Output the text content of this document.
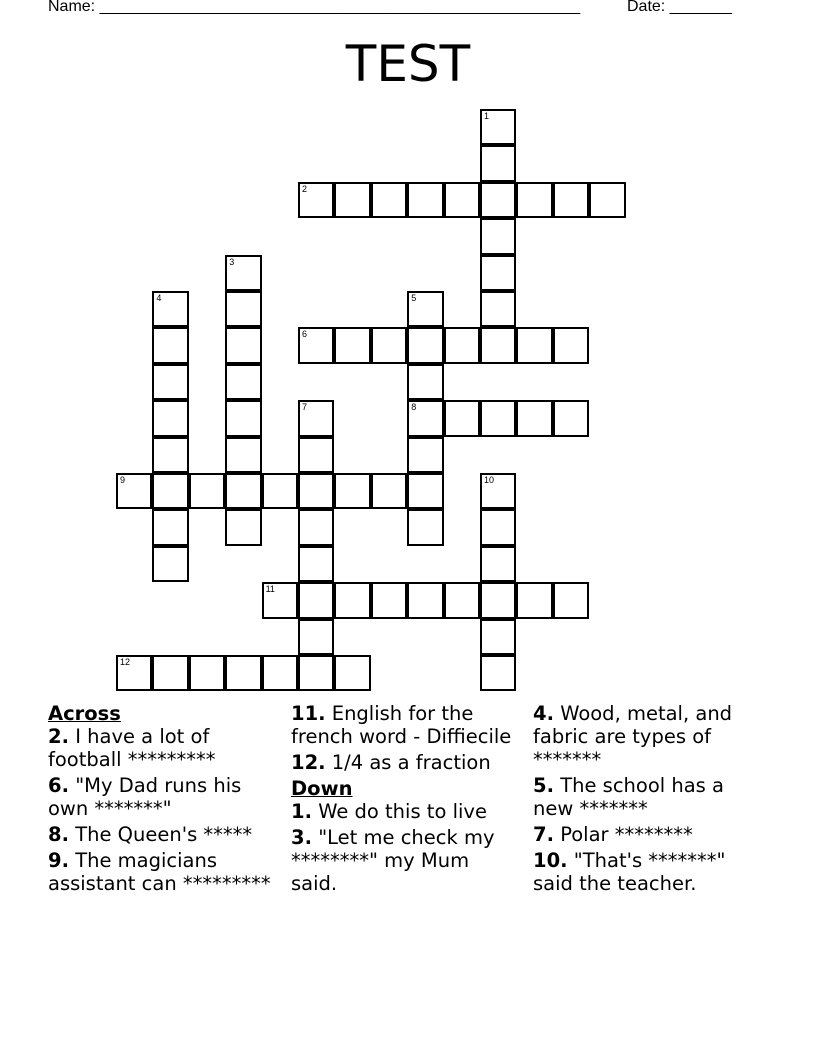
Name: ______________________________________________________	Date: _______
TEST
1
2
3
4	5
8
6
7
9	10
11
12
Across
2. I have a lot of football *********
6. "My Dad runs his own *******"
8. The Queen's *****
9. The magicians assistant can *********
11. English for the french word - Diffiecile
12. 1/4 as a fraction
Down
1. We do this to live
3. "Let me check my ********" my Mum said.
4. Wood, metal, and fabric are types of *******
5. The school has a new *******
7. Polar ********
10. "That's *******" said the teacher.
